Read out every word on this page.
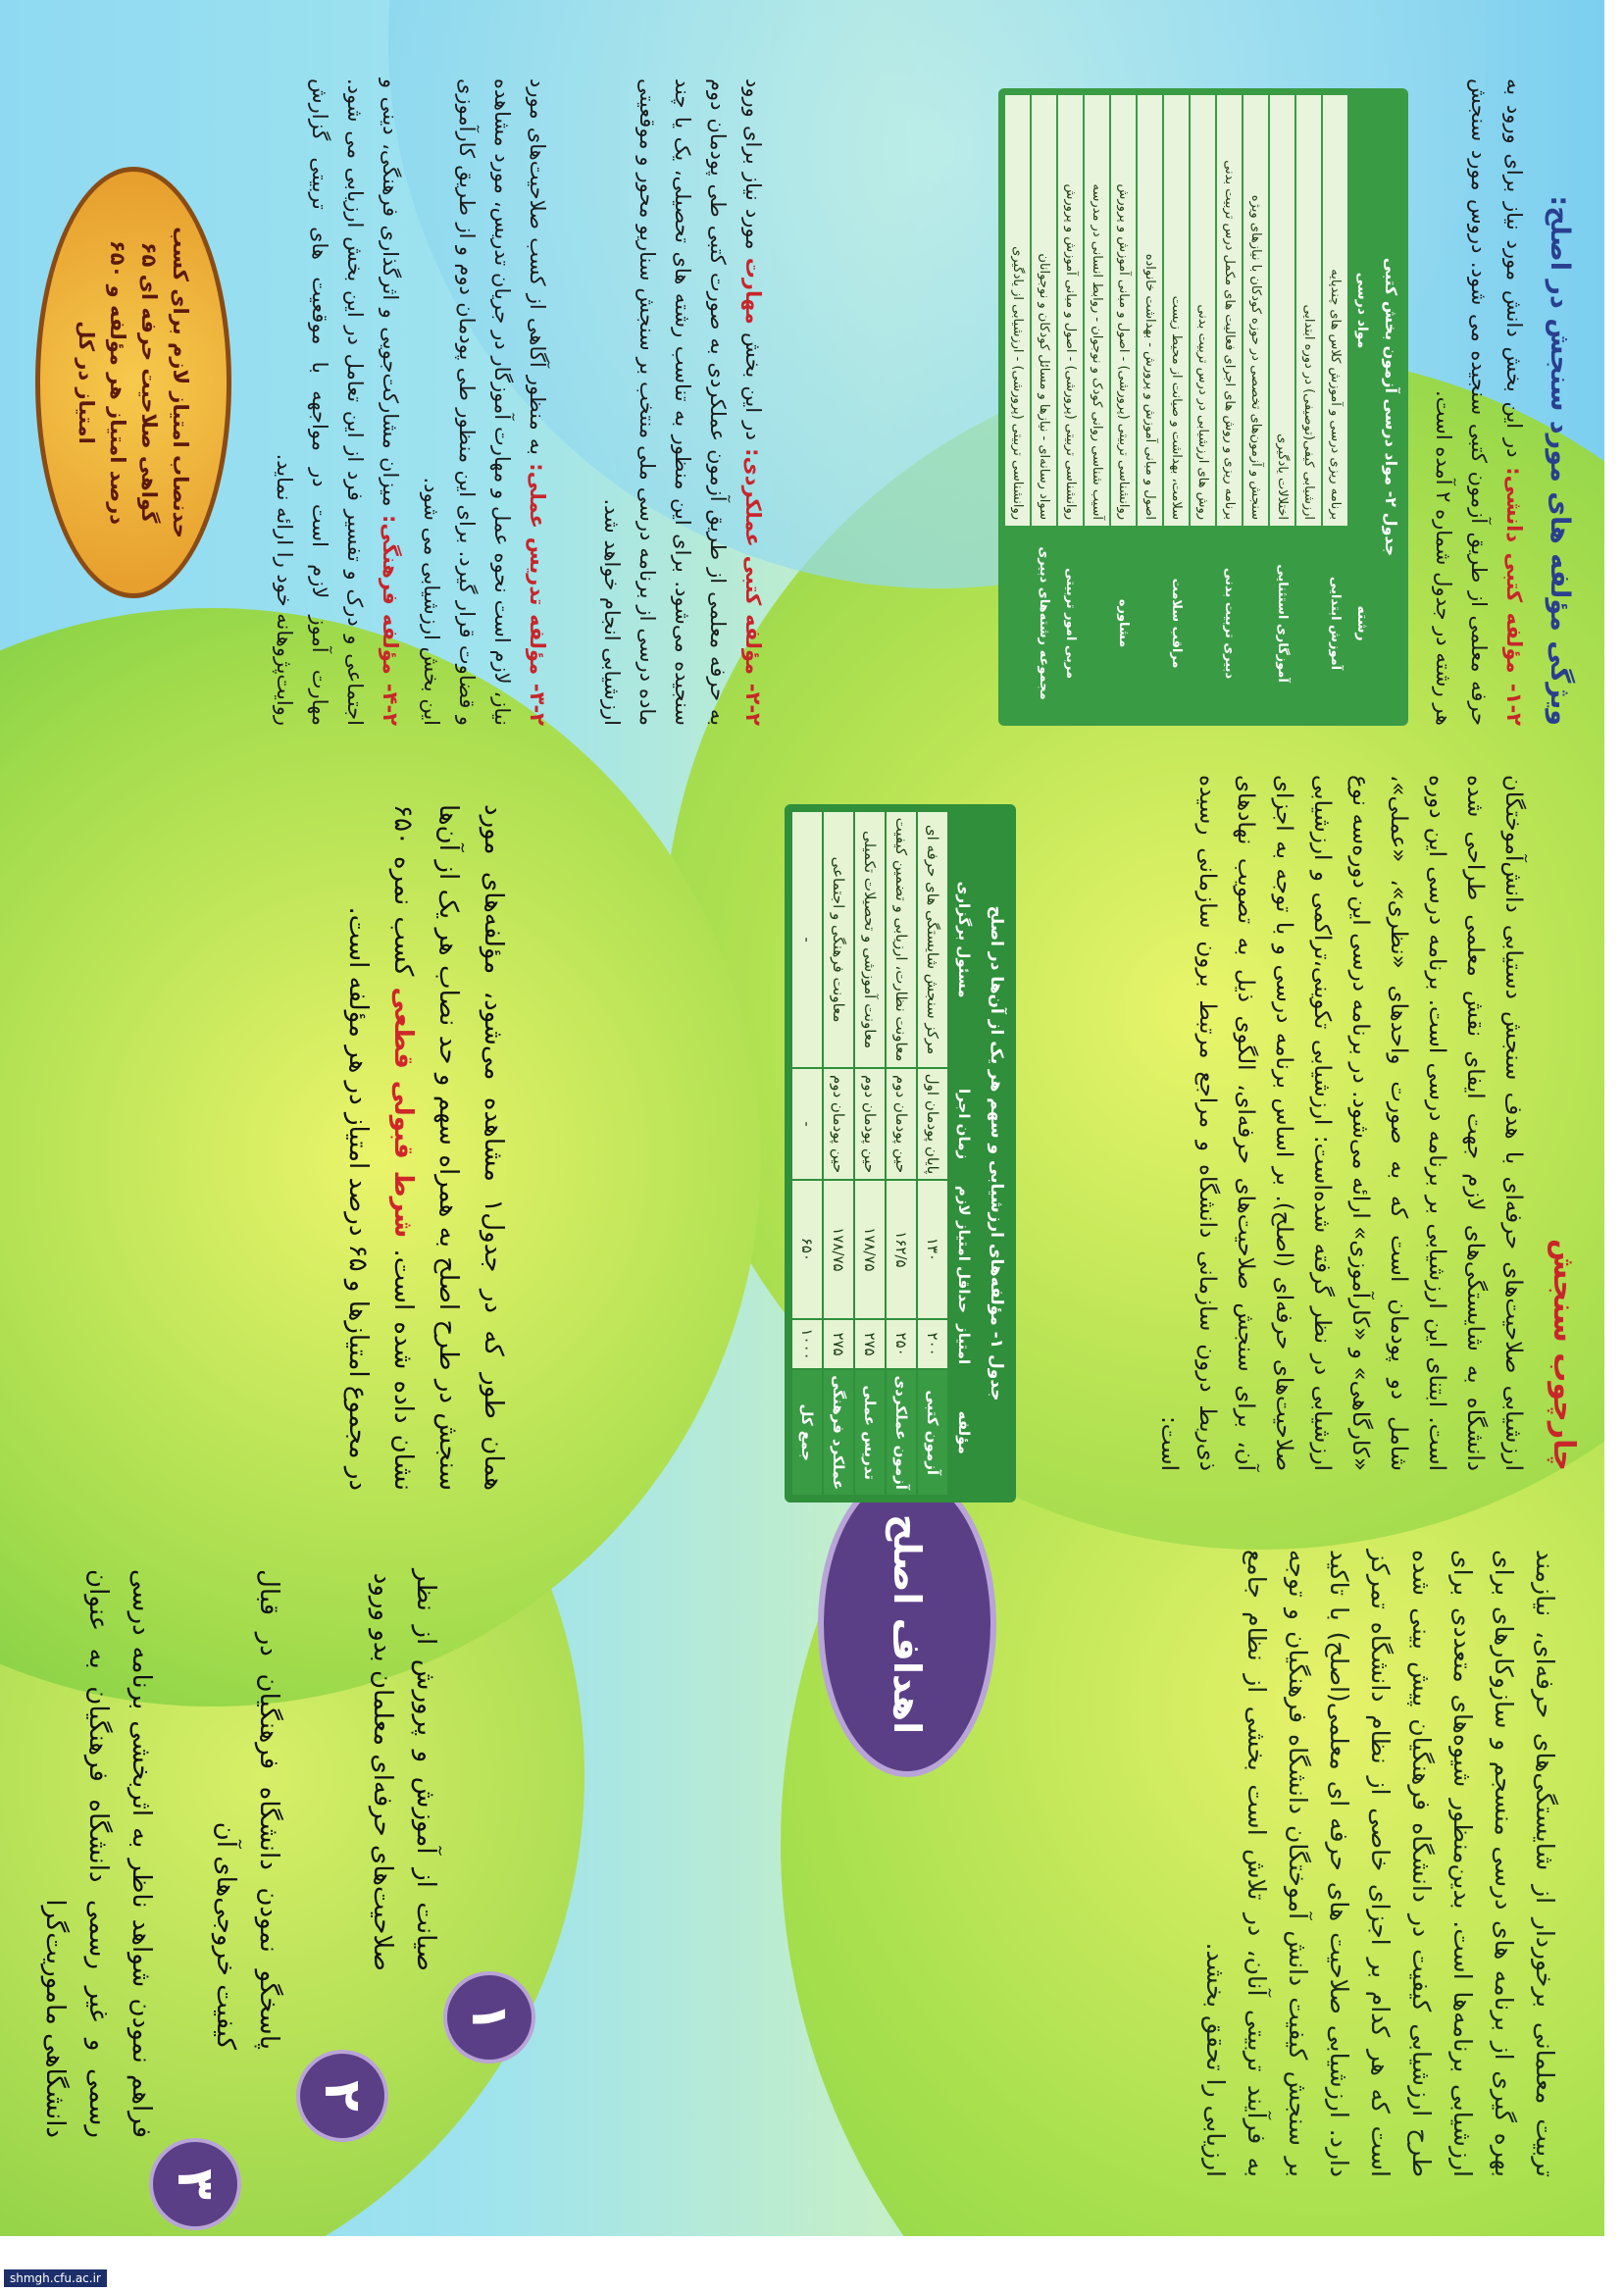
تربیت معلمانی برخوردار از شایستگی‌های حرفه‌ای، نیازمند بهره گیری از برنامه های درسی منسجم و سازوکارهای برای ارزشیابی برنامه‌ها است. بدین‌منظور شیوه‌های متعددی برای طرح ارزشیابی کیفیت در دانشگاه فرهنگیان پیش بینی شده است که هر کدام بر اجزای خاصی از نظام دانشگاه تمرکز دارد. ارزشیابی صلاحیت های حرفه ای معلمی(اصلح) با تاکید بر سنجش کیفیت دانش آموختگان دانشگاه فرهنگیان و توجه به فرآیند تربیتی آنان، در تلاش است بخشی از نظام جامع ارزیابی را تحقق بخشد.
اهداف اصلح
۱
صیانت از آموزش و پرورش از نظر صلاحیت‌های حرفه‌ای معلمان بدو ورود
۲
پاسخگو نمودن دانشگاه فرهنگیان در قبال کیفیت خروجی‌های آن
۳
فراهم نمودن شواهد ناظر به اثربخشی برنامه درسی رسمی و غیر رسمی دانشگاه فرهنگیان به عنوان دانشگاهی ماموریت‌گرا
چارچوب سنجش
ارزشیابی صلاحیت‌های حرفه‌ای با هدف سنجش دستیابی دانش‌آموختگان دانشگاه به شایستگی‌های لازم جهت ایفای نقش معلمی طراحی شده است. ابتنای این ارزشیابی بر برنامه درسی است. برنامه درسی این دوره شامل دو پودمان است که به صورت واحدهای «نظری»، «عملی»، «کارگاهی» و «کارآموزی» ارائه می‌شود. در برنامه درسی این دوره‌سه نوع ارزشیابی در نظر گرفته شده‌است: ارزشیابی تکوینی،تراکمی و ارزشیابی صلاحیت‌های حرفه‌ای (اصلح). بر اساس برنامه درسی و با توجه به اجزای آن، برای سنجش صلاحیت‌های حرفه‌ای، الگوی ذیل به تصویب نهادهای ذی‌ربط درون سازمانی دانشگاه و مراجع مرتبط برون سازمانی رسیده است:
جدول ۱- مؤلفه‌های ارزشیابی و سهم هر یک از آن‌ها در اصلح
مؤلفه	امتیاز	حداقل امتیاز لازم	زمان اجرا	مسئول برگزاری
آزمون کتبی	۲۰۰	۱۳۰	پایان پودمان اول	مرکز سنجش شایستگی های حرفه ای
آزمون عملکردی	۲۵۰	۱۶۲/۵	حین پودمان دوم	معاونت نظارت، ارزیابی و تضمین کیفیت
تدریس عملی	۲۷۵	۱۷۸/۷۵	حین پودمان دوم	معاونت آموزشی و تحصیلات تکمیلی
عملکرد فرهنگی	۲۷۵	۱۷۸/۷۵	حین پودمان دوم	معاونت فرهنگی و اجتماعی
جمع کل	۱۰۰۰	۶۵۰	-	-
همان طور که در جدول۱ مشاهده می‌شود، مؤلفه‌های مورد سنجش در طرح اصلح به همراه سهم و حد نصاب هر یک از آن‌ها نشان داده شده است. شرط قبولی قطعی کسب نمره ۶۵۰ در مجموع امتیازها و ۶۵ درصد امتیاز در هر مؤلفه است.
ویژگی مؤلفه های مورد سنجش در اصلح:
۱-۲- مؤلفه کتبی دانشی: در این بخش دانش مورد نیاز برای ورود به حرفه معلمی از طریق آزمون کتبی سنجیده می شود. دروس مورد سنجش هر رشته در جدول شماره ۲ آمده است.
جدول ۲- مواد درسی آزمون بخش کتبی
رشته	مواد درسی
آموزش ابتدایی	برنامه ریزی درسی و آموزش کلاس های چندپایه
	ارزشیابی کیفی(توصیفی) در دوره ابتدایی
آموزگاری استثنایی	اختلالات یادگیری
	سنجش و آزمون‌های تخصصی در حوزه کودکان با نیازهای ویژه
دبیری تربیت بدنی	برنامه ریزی و روش های اجرای فعالیت های مکمل درس تربیت بدنی
	روش های ارزشیابی در درس تربیت بدنی
مراقب سلامت	سلامت، بهداشت و صیانت از محیط زیست
	اصول و مبانی آموزش و پرورش - بهداشت خانواده
مشاوره	روانشناسی تربیتی (پرورشی) - اصول و مبانی آموزش و پرورش
	آسیب شناسی روانی کودک و نوجوان - روابط انسانی در مدرسه
مربی امور تربیتی	روانشناسی تربیتی (پرورشی) - اصول و مبانی آموزش و پرورش
مجموعه رشته‌های دبیری	سواد رسانه‌ای - نیازها و مسائل کودکان و نوجوانان
	روانشناسی تربیتی (پرورشی) - ارزشیابی از یادگیری
۲-۲- مؤلفه کتبی عملکردی: در این بخش مهارت مورد نیاز برای ورود به حرفه معلمی از طریق آزمون عملکردی به صورت کتبی طی پودمان دوم سنجیده می‌شود. برای این منظور به تناسب رشته های تحصیلی، یک یا چند ماده درسی از برنامه درسی ملی منتخب بر سنجش سناریو محور و موقعیتی ارزشیابی انجام خواهد شد.
۳-۲- مؤلفه تدریس عملی: به منظور آگاهی از کسب صلاحیت‌های مورد نیاز، لازم است نحوه عمل و مهارت آموزگار در جریان تدریس، مورد مشاهده و قضاوت قرار گیرد. برای این منظور طی پودمان دوم و از طریق کارآموزی این بخش ارزشیابی می شود.
۴-۲- مؤلفه فرهنگی: میزان مشارکت‌جویی و اثرگذاری فرهنگی، دینی و اجتماعی و درک و تفسیر فرد از این تعامل در این بخش ارزیابی می شود. مهارت آموز لازم است در مواجهه با موقعیت های تربیتی گزارش روایت‌پژوهانه خود را ارائه نماید.
حدنصاب امتیاز لازم برای کسب گواهی صلاحیت حرفه ای ۶۵ درصد امتیاز هر مؤلفه و ۶۵۰ امتیاز در کل
shmgh.cfu.ac.ir
